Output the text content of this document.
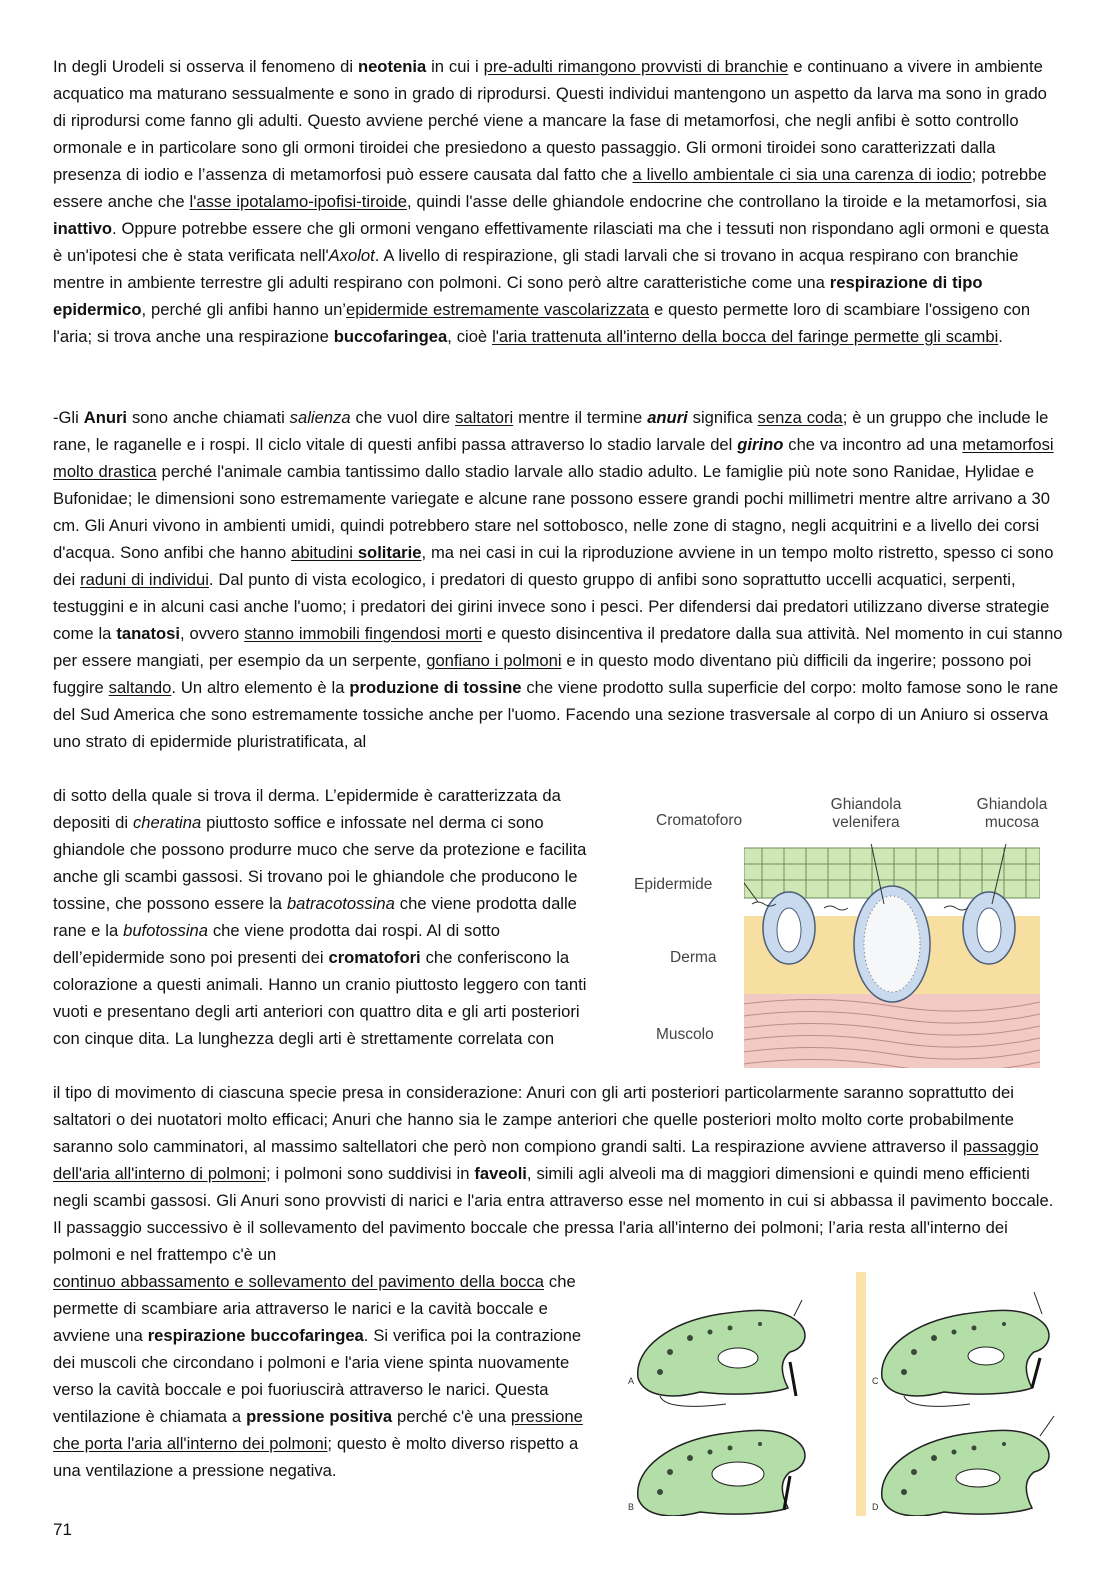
In degli Urodeli si osserva il fenomeno di neotenia in cui i pre-adulti rimangono provvisti di branchie e continuano a vivere in ambiente acquatico ma maturano sessualmente e sono in grado di riprodursi. Questi individui mantengono un aspetto da larva ma sono in grado di riprodursi come fanno gli adulti. Questo avviene perché viene a mancare la fase di metamorfosi, che negli anfibi è sotto controllo ormonale e in particolare sono gli ormoni tiroidei che presiedono a questo passaggio. Gli ormoni tiroidei sono caratterizzati dalla presenza di iodio e l’assenza di metamorfosi può essere causata dal fatto che a livello ambientale ci sia una carenza di iodio; potrebbe essere anche che l'asse ipotalamo-ipofisi-tiroide, quindi l'asse delle ghiandole endocrine che controllano la tiroide e la metamorfosi, sia inattivo. Oppure potrebbe essere che gli ormoni vengano effettivamente rilasciati ma che i tessuti non rispondano agli ormoni e questa è un'ipotesi che è stata verificata nell'Axolot. A livello di respirazione, gli stadi larvali che si trovano in acqua respirano con branchie mentre in ambiente terrestre gli adulti respirano con polmoni. Ci sono però altre caratteristiche come una respirazione di tipo epidermico, perché gli anfibi hanno un’epidermide estremamente vascolarizzata e questo permette loro di scambiare l'ossigeno con l'aria; si trova anche una respirazione buccofaringea, cioè l'aria trattenuta all'interno della bocca del faringe permette gli scambi.

-Gli Anuri sono anche chiamati salienza che vuol dire saltatori mentre il termine anuri significa senza coda; è un gruppo che include le rane, le raganelle e i rospi. Il ciclo vitale di questi anfibi passa attraverso lo stadio larvale del girino che va incontro ad una metamorfosi molto drastica perché l'animale cambia tantissimo dallo stadio larvale allo stadio adulto. Le famiglie più note sono Ranidae, Hylidae e Bufonidae; le dimensioni sono estremamente variegate e alcune rane possono essere grandi pochi millimetri mentre altre arrivano a 30 cm. Gli Anuri vivono in ambienti umidi, quindi potrebbero stare nel sottobosco, nelle zone di stagno, negli acquitrini e a livello dei corsi d'acqua. Sono anfibi che hanno abitudini solitarie, ma nei casi in cui la riproduzione avviene in un tempo molto ristretto, spesso ci sono dei raduni di individui. Dal punto di vista ecologico, i predatori di questo gruppo di anfibi sono soprattutto uccelli acquatici, serpenti, testuggini e in alcuni casi anche l'uomo; i predatori dei girini invece sono i pesci. Per difendersi dai predatori utilizzano diverse strategie come la tanatosi, ovvero stanno immobili fingendosi morti e questo disincentiva il predatore dalla sua attività. Nel momento in cui stanno per essere mangiati, per esempio da un serpente, gonfiano i polmoni e in questo modo diventano più difficili da ingerire; possono poi fuggire saltando. Un altro elemento è la produzione di tossine che viene prodotto sulla superficie del corpo: molto famose sono le rane del Sud America che sono estremamente tossiche anche per l'uomo. Facendo una sezione trasversale al corpo di un Aniuro si osserva uno strato di epidermide pluristratificata, al

di sotto della quale si trova il derma. L’epidermide è caratterizzata da depositi di cheratina piuttosto soffice e infossate nel derma ci sono ghiandole che possono produrre muco che serve da protezione e facilita anche gli scambi gassosi. Si trovano poi le ghiandole che producono le tossine, che possono essere la batracotossina che viene prodotta dalle rane e la bufotossina che viene prodotta dai rospi. Al di sotto dell’epidermide sono poi presenti dei cromatofori che conferiscono la colorazione a questi animali. Hanno un cranio piuttosto leggero con tanti vuoti e presentano degli arti anteriori con quattro dita e gli arti posteriori con cinque dita. La lunghezza degli arti è strettamente correlata con

il tipo di movimento di ciascuna specie presa in considerazione: Anuri con gli arti posteriori particolarmente saranno soprattutto dei saltatori o dei nuotatori molto efficaci; Anuri che hanno sia le zampe anteriori che quelle posteriori molto molto corte probabilmente saranno solo camminatori, al massimo saltellatori che però non compiono grandi salti. La respirazione avviene attraverso il passaggio dell'aria all'interno di polmoni; i polmoni sono suddivisi in faveoli, simili agli alveoli ma di maggiori dimensioni e quindi meno efficienti negli scambi gassosi. Gli Anuri sono provvisti di narici e l'aria entra attraverso esse nel momento in cui si abbassa il pavimento boccale. Il passaggio successivo è il sollevamento del pavimento boccale che pressa l'aria all'interno dei polmoni; l’aria resta all'interno dei polmoni e nel frattempo c'è un

continuo abbassamento e sollevamento del pavimento della bocca che permette di scambiare aria attraverso le narici e la cavità boccale e avviene una respirazione buccofaringea. Si verifica poi la contrazione dei muscoli che circondano i polmoni e l'aria viene spinta nuovamente verso la cavità boccale e poi fuoriuscirà attraverso le narici. Questa ventilazione è chiamata a pressione positiva perché c'è una pressione che porta l'aria all'interno dei polmoni; questo è molto diverso rispetto a una ventilazione a pressione negativa.

Cromatoforo
Ghiandola velenifera
Ghiandola mucosa
Epidermide
Derma
Muscolo
A
B
C
D
71
